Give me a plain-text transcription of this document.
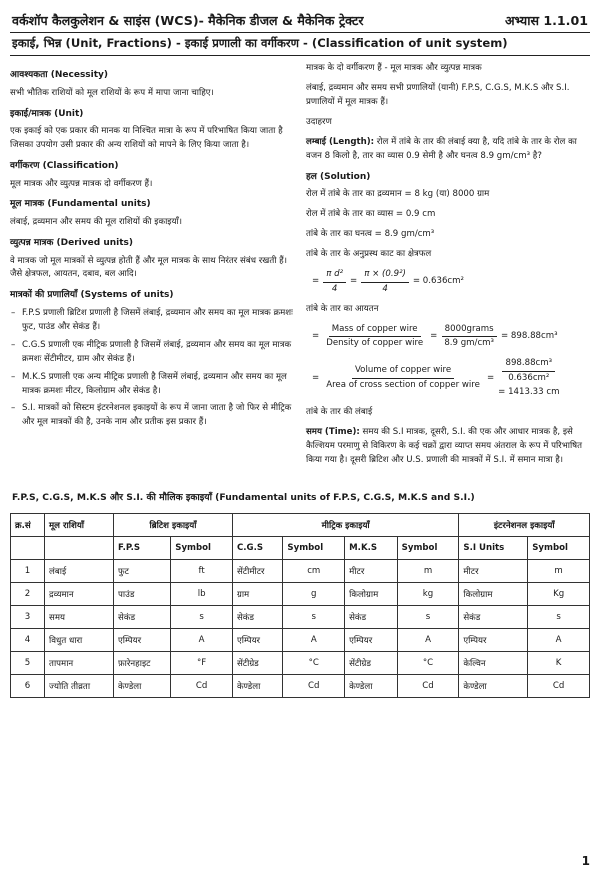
वर्कशॉप कैलकुलेशन & साइंस (WCS)- मैकेनिक डीजल & मैकेनिक ट्रेक्टर	अभ्यास 1.1.01
इकाई, भिन्न (Unit, Fractions) - इकाई प्रणाली का वर्गीकरण - (Classification of unit system)
आवश्यकता (Necessity)

सभी भौतिक राशियों को मूल राशियों के रूप में मापा जाना चाहिए।

इकाई/मात्रक (Unit)

एक इकाई को एक प्रकार की मानक या निश्चित मात्रा के रूप में परिभाषित किया जाता है जिसका उपयोग उसी प्रकार की अन्य राशियों को मापने के लिए किया जाता है।

वर्गीकरण (Classification)

मूल मात्रक और व्युत्पन्न मात्रक दो वर्गीकरण हैं।

मूल मात्रक (Fundamental units)

लंबाई, द्रव्यमान और समय की मूल राशियों की इकाइयाँ।

व्युत्पन्न मात्रक (Derived units)

वे मात्रक जो मूल मात्रकों से व्युत्पन्न होती हैं और मूल मात्रक के साथ निरंतर संबंध रखती हैं। जैसे क्षेत्रफल, आयतन, दबाव, बल आदि।

मात्रकों की प्रणालियाँ (Systems of units)
– F.P.S प्रणाली ब्रिटिश प्रणाली है जिसमें लंबाई, द्रव्यमान और समय का मूल मात्रक क्रमशः फुट, पाउंड और सेकंड हैं।
– C.G.S प्रणाली एक मीट्रिक प्रणाली है जिसमें लंबाई, द्रव्यमान और समय का मूल मात्रक क्रमशः सेंटीमीटर, ग्राम और सेकंड हैं।
– M.K.S प्रणाली एक अन्य मीट्रिक प्रणाली है जिसमें लंबाई, द्रव्यमान और समय का मूल मात्रक क्रमशः मीटर, किलोग्राम और सेकंड है।
– S.I. मात्रकों को सिस्टम इंटरनेशनल इकाइयों के रूप में जाना जाता है जो फिर से मीट्रिक और मूल मात्रकों की है, उनके नाम और प्रतीक इस प्रकार हैं।

मात्रक के दो वर्गीकरण हैं - मूल मात्रक और व्युत्पन्न मात्रक

लंबाई, द्रव्यमान और समय सभी प्रणालियों (यानी) F.P.S, C.G.S, M.K.S और S.I. प्रणालियों में मूल मात्रक हैं।

उदाहरण

लम्बाई (Length): रोल में तांबे के तार की लंबाई क्या है, यदि तांबे के तार के रोल का वजन 8 किलो है, तार का व्यास 0.9 सेमी है और घनत्व 8.9 gm/cm³ है?

हल (Solution)

रोल में तांबे के तार का द्रव्यमान = 8 kg (या) 8000 ग्राम

रोल में तांबे के तार का व्यास = 0.9 cm

तांबे के तार का घनत्व = 8.9 gm/cm³

तांबे के तार के अनुप्रस्थ काट का क्षेत्रफल

= $\frac{\text{π d²}}{4} = \frac{\text{π × (0.9²)}}{4} = 0.636cm^2$

तांबे के तार का आयतन

= $\frac{\text{Mass of copper wire}}{\text{Density of copper wire}} = \frac{\text{8000grams}}{\text{8.9 gm/cm³}} = 898.88cm^3$
= $\frac{\text{Volume of copper wire}}{\text{Area of cross section of copper wire}} = \frac{\text{898.88cm³}}{\text{0.636cm²}}$
= 1413.33 cm

तांबे के तार की लंबाई

समय (Time): समय की S.I मात्रक, दूसरी, S.I. की एक और आधार मात्रक है, इसे कैल्शियम परमाणु से विकिरण के कई चक्रों द्वारा व्याप्त समय अंतराल के रूप में परिभाषित किया गया है। दूसरी ब्रिटिश और U.S. प्रणाली की मात्रकों में S.I. में समान मात्रा है।

F.P.S, C.G.S, M.K.S और S.I. की मौलिक इकाइयाँ (Fundamental units of F.P.S, C.G.S, M.K.S and S.I.)
क्र.सं	मूल राशियाँ	ब्रिटिश इकाइयाँ		मीट्रिक इकाइयाँ				इंटरनेशनल इकाइयाँ	
		F.P.S	Symbol	C.G.S	Symbol	M.K.S	Symbol	S.I Units	Symbol
1	लंबाई	फुट	ft	सेंटीमीटर	cm	मीटर	m	मीटर	m
2	द्रव्यमान	पाउंड	lb	ग्राम	g	किलोग्राम	kg	किलोग्राम	Kg
3	समय	सेकंड	s	सेकंड	s	सेकंड	s	सेकंड	s
4	विधुत धारा	एम्पियर	A	एम्पियर	A	एम्पियर	A	एम्पियर	A
5	तापमान	फ़ारेनहाइट	°F	सेंटीग्रेड	°C	सेंटीग्रेड	°C	केल्विन	K
6	ज्योति तीव्रता	केण्डेला	Cd	केण्डेला	Cd	केण्डेला	Cd	केण्डेला	Cd
1
